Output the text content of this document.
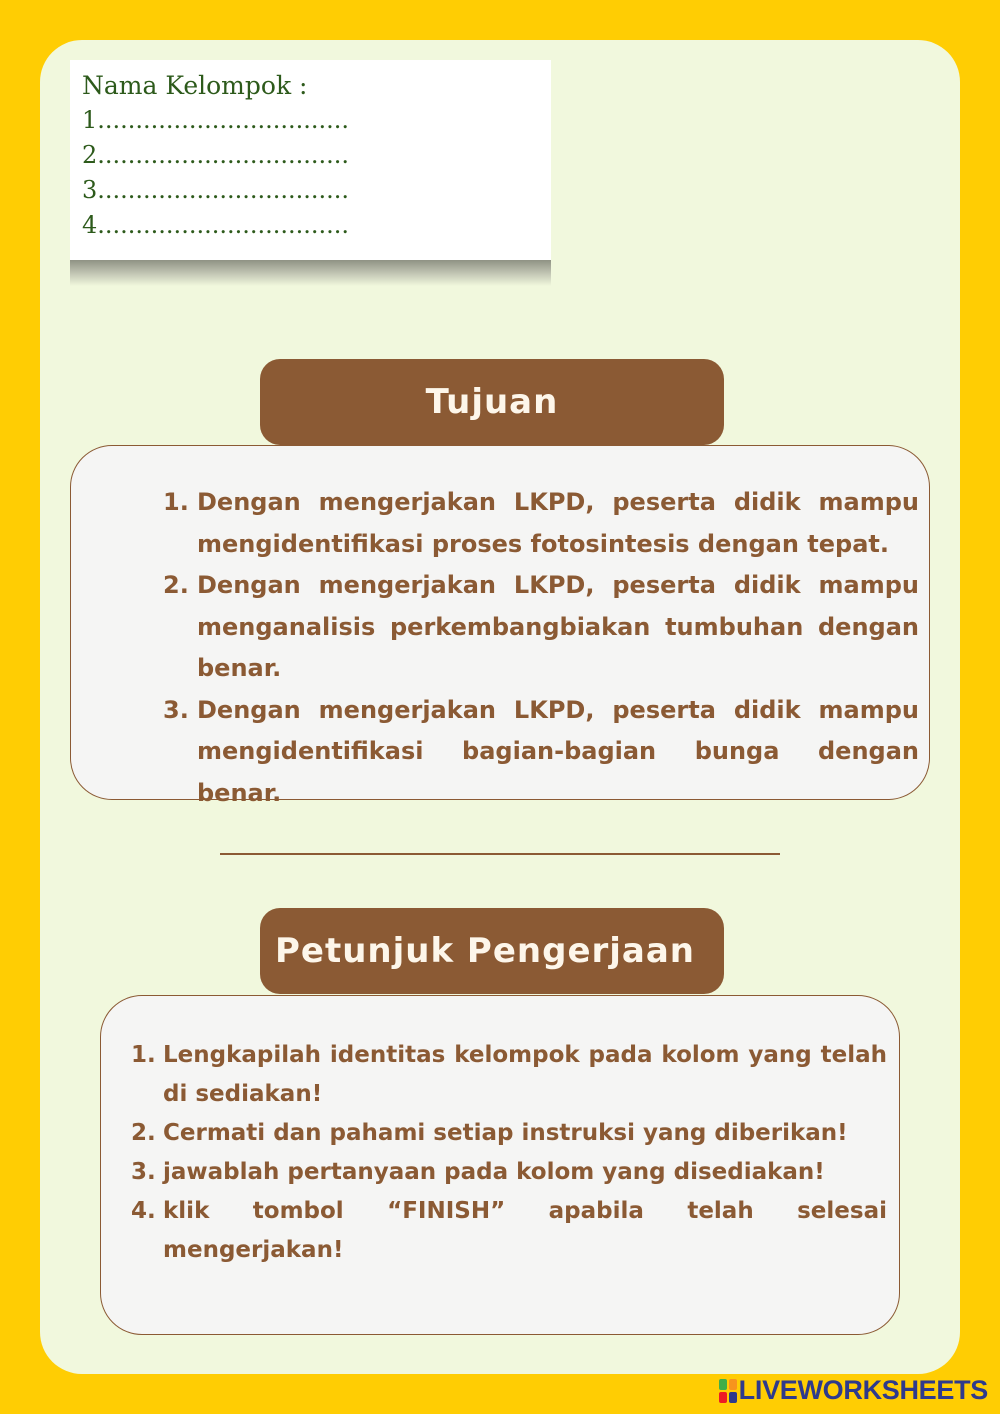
Nama Kelompok :
1.................................
2.................................
3.................................
4.................................
Tujuan
1. Dengan mengerjakan LKPD, peserta didik mampu mengidentifikasi proses fotosintesis dengan tepat.
2. Dengan mengerjakan LKPD, peserta didik mampu menganalisis perkembangbiakan tumbuhan dengan benar.
3. Dengan mengerjakan LKPD, peserta didik mampu mengidentifikasi bagian-bagian bunga dengan benar.
Petunjuk Pengerjaan
1. Lengkapilah identitas kelompok pada kolom yang telah di sediakan!
2. Cermati dan pahami setiap instruksi yang diberikan!
3. jawablah pertanyaan pada kolom yang disediakan!
4. klik tombol “FINISH” apabila telah selesai mengerjakan!
LIVEWORKSHEETS
